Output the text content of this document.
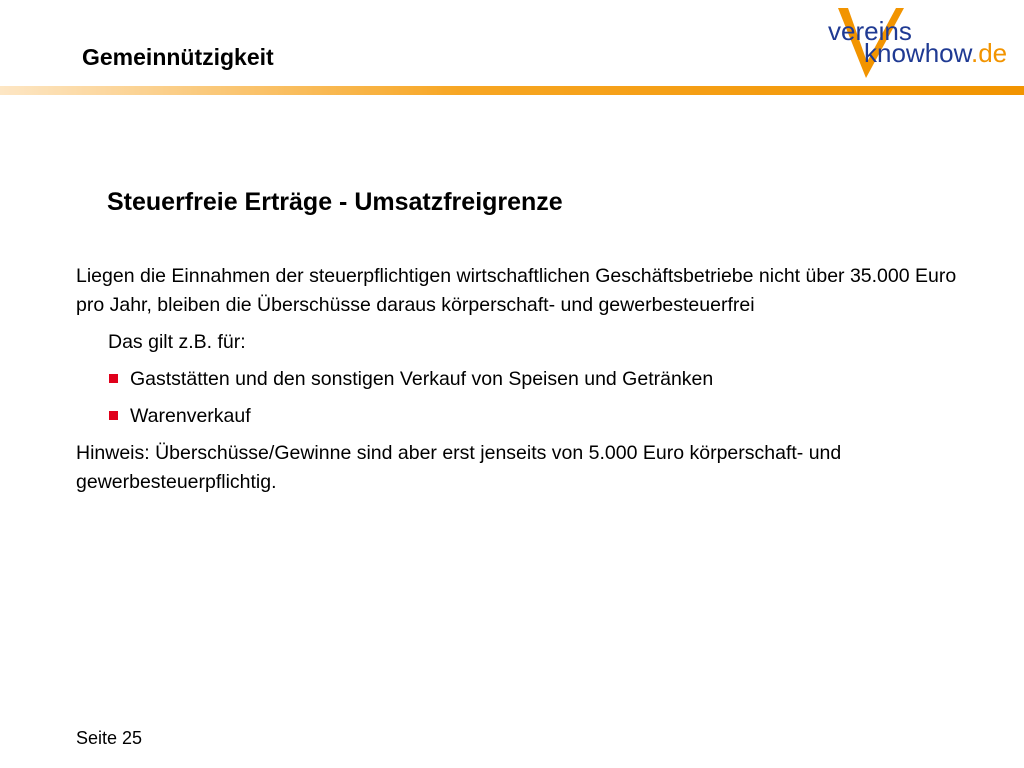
Gemeinnützigkeit
vereins
knowhow.de
Steuerfreie Erträge - Umsatzfreigrenze

Liegen die Einnahmen der steuerpflichtigen wirtschaftlichen Geschäftsbetriebe nicht über 35.000 Euro pro Jahr, bleiben die Überschüsse daraus körperschaft- und gewerbesteuerfrei

Das gilt z.B. für:

Gaststätten und den sonstigen Verkauf von Speisen und Getränken
Warenverkauf

Hinweis: Überschüsse/Gewinne sind aber erst jenseits von 5.000 Euro körperschaft- und gewerbesteuerpflichtig.

Seite 25
